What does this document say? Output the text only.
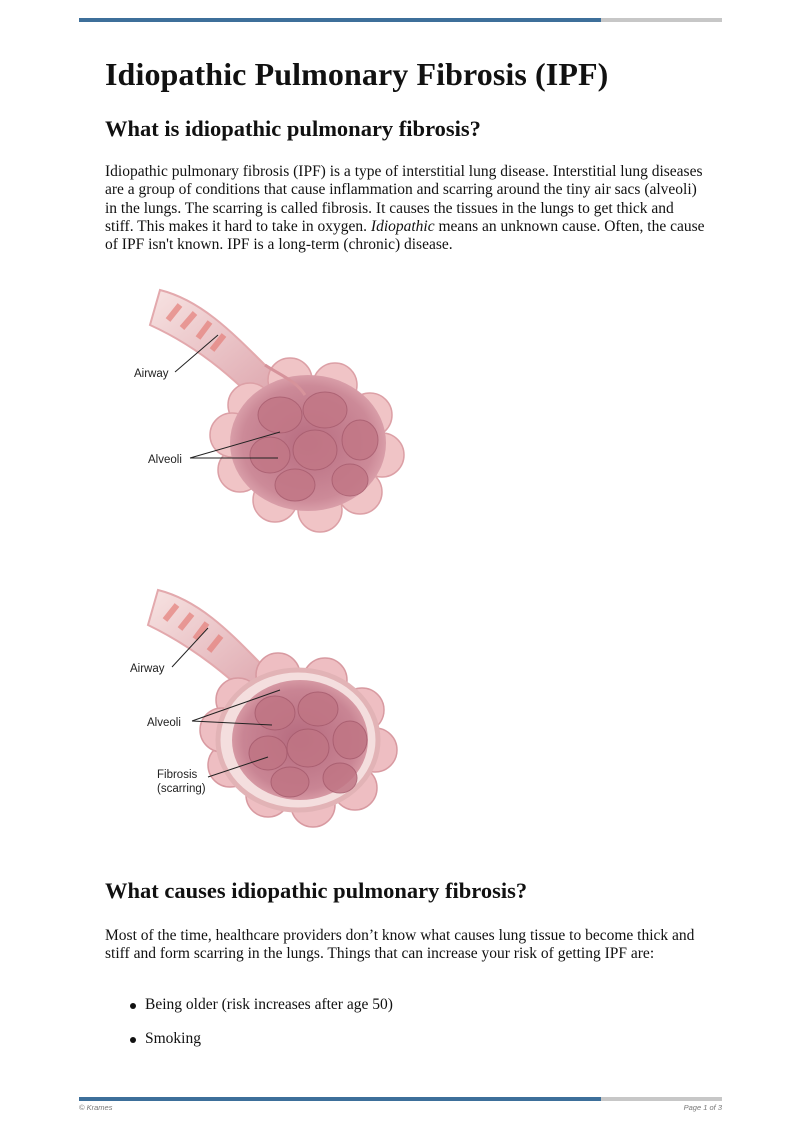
Idiopathic Pulmonary Fibrosis (IPF)
What is idiopathic pulmonary fibrosis?

Idiopathic pulmonary fibrosis (IPF) is a type of interstitial lung disease. Interstitial lung diseases are a group of conditions that cause inflammation and scarring around the tiny air sacs (alveoli) in the lungs. The scarring is called fibrosis. It causes the tissues in the lungs to get thick and stiff. This makes it hard to take in oxygen. Idiopathic means an unknown cause. Often, the cause of IPF isn't known. IPF is a long-term (chronic) disease.

Airway
Alveoli
Airway
Alveoli
Fibrosis
(scarring)
What causes idiopathic pulmonary fibrosis?

Most of the time, healthcare providers don’t know what causes lung tissue to become thick and stiff and form scarring in the lungs. Things that can increase your risk of getting IPF are:

Being older (risk increases after age 50)
Smoking
© Krames	Page 1 of 3
